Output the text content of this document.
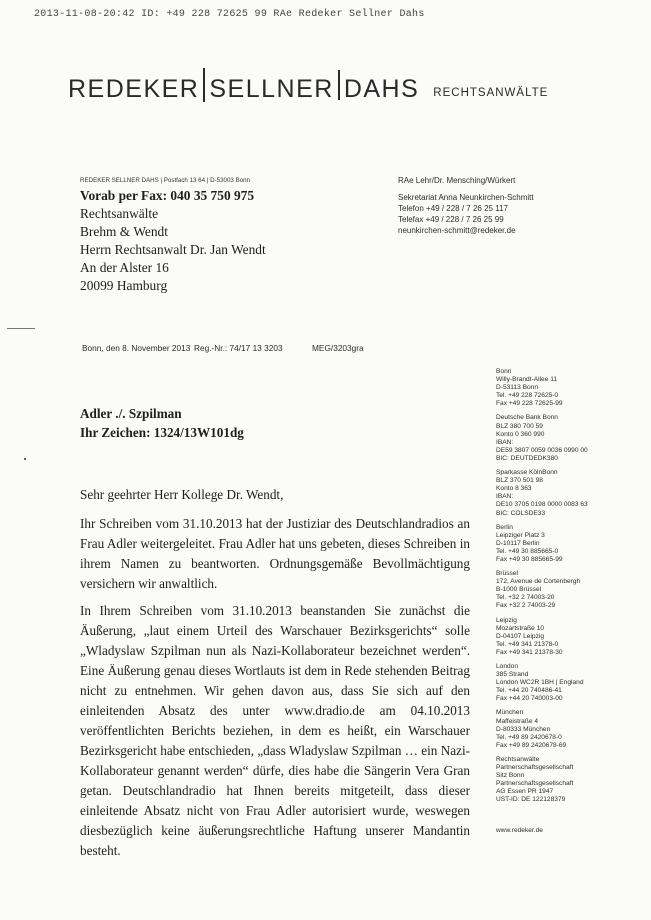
2013-11-08-20:42 ID: +49 228 72625 99 RAe Redeker Sellner Dahs
REDEKER SELLNER DAHS RECHTSANWÄLTE
REDEKER SELLNER DAHS | Postfach 13 64 | D-53003 Bonn
Vorab per Fax: 040 35 750 975
Rechtsanwälte
Brehm & Wendt
Herrn Rechtsanwalt Dr. Jan Wendt
An der Alster 16
20099 Hamburg
RAe Lehr/Dr. Mensching/Würkert
Sekretariat Anna Neunkirchen-Schmitt
Telefon +49 / 228 / 7 26 25 117
Telefax +49 / 228 / 7 26 25 99
neunkirchen-schmitt@redeker.de
Bonn, den 8. November 2013 Reg.-Nr.: 74/17 13 3203	MEG/3203gra
Adler ./. Szpilman
Ihr Zeichen: 1324/13W101dg
Sehr geehrter Herr Kollege Dr. Wendt,
Ihr Schreiben vom 31.10.2013 hat der Justiziar des Deutschlandradios an Frau Adler weitergeleitet. Frau Adler hat uns gebeten, dieses Schreiben in ihrem Namen zu beantworten. Ordnungsgemäße Bevollmächtigung versichern wir anwaltlich.
In Ihrem Schreiben vom 31.10.2013 beanstanden Sie zunächst die Äußerung, „laut einem Urteil des Warschauer Bezirksgerichts“ solle „Wladyslaw Szpilman nun als Nazi-Kollaborateur bezeichnet werden“. Eine Äußerung genau dieses Wortlauts ist dem in Rede stehenden Beitrag nicht zu entnehmen. Wir gehen davon aus, dass Sie sich auf den einleitenden Absatz des unter www.dradio.de am 04.10.2013 veröffentlichten Berichts beziehen, in dem es heißt, ein Warschauer Bezirksgericht habe entschieden, „dass Wladyslaw Szpilman … ein Nazi-Kollaborateur genannt werden“ dürfe, dies habe die Sängerin Vera Gran getan. Deutschlandradio hat Ihnen bereits mitgeteilt, dass dieser einleitende Absatz nicht von Frau Adler autorisiert wurde, weswegen diesbezüglich keine äußerungsrechtliche Haftung unserer Mandantin besteht.
Bonn
Willy-Brandt-Allee 11
D-53113 Bonn
Tel. +49 228 72625-0
Fax +49 228 72625-99
Deutsche Bank Bonn
BLZ 380 700 59
Konto 0 360 990
IBAN:
DE59 3807 0059 0036 0990 00
BIC: DEUTDEDK380
Sparkasse KölnBonn
BLZ 370 501 98
Konto 8 363
IBAN:
DE10 3705 0198 0000 0083 63
BIC: COLSDE33
Berlin
Leipziger Platz 3
D-10117 Berlin
Tel. +49 30 885665-0
Fax +49 30 885665-99
Brüssel
172, Avenue de Cortenbergh
B-1000 Brüssel
Tel. +32 2 74003-20
Fax +32 2 74003-29
Leipzig
Mozartstraße 10
D-04107 Leipzig
Tel. +49 341 21378-0
Fax +49 341 21378-30
London
385 Strand
London WC2R 1BH | England
Tel. +44 20 740486-41
Fax +44 20 740003-00
München
Maffeistraße 4
D-80333 München
Tel. +49 89 2420678-0
Fax +49 89 2420678-69
Rechtsanwälte
Partnerschaftsgesellschaft
Sitz Bonn
Partnerschaftsgesellschaft
AG Essen PR 1947
UST-ID: DE 122128379
www.redeker.de
